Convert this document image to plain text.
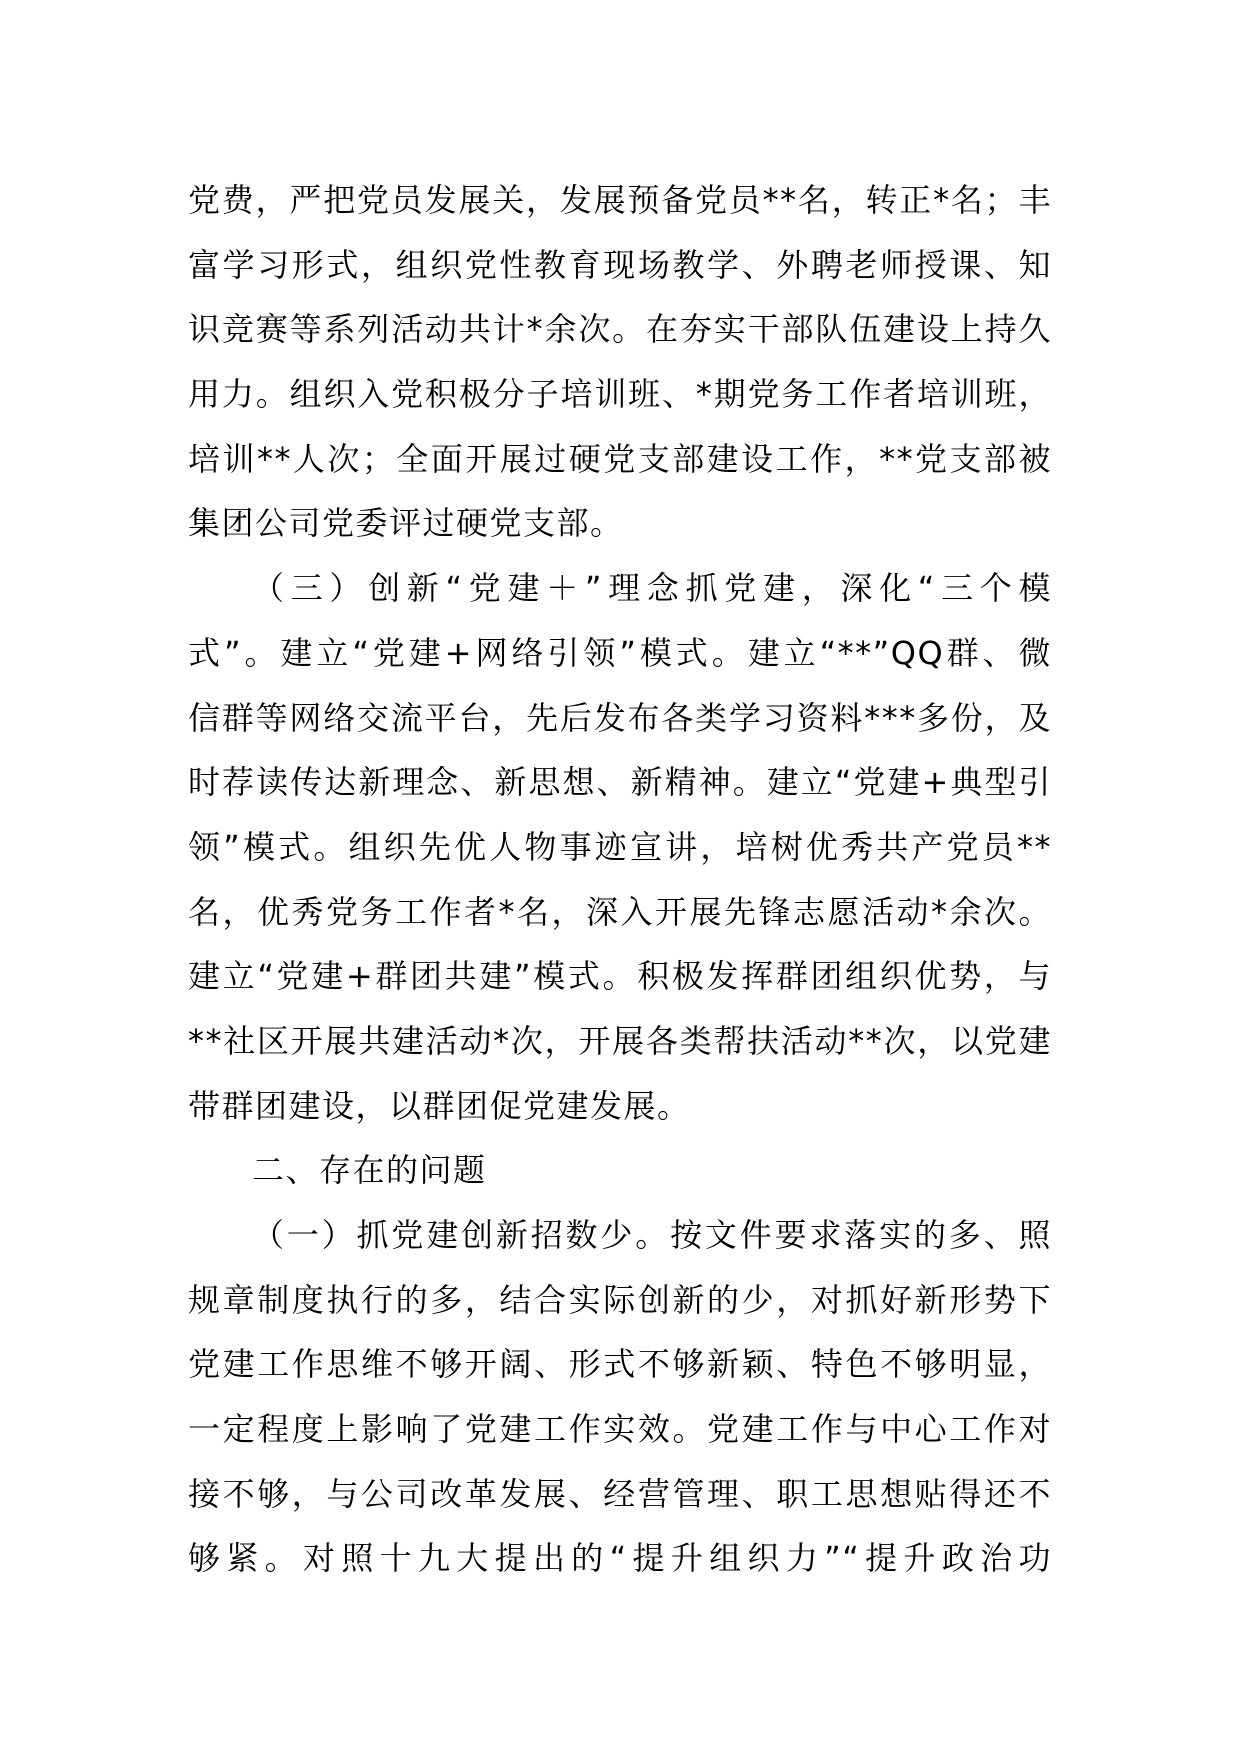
党费，严把党员发展关，发展预备党员**名，转正*名；丰
富学习形式，组织党性教育现场教学、外聘老师授课、知
识竞赛等系列活动共计*余次。在夯实干部队伍建设上持久
用力。组织入党积极分子培训班、*期党务工作者培训班，
培训**人次；全面开展过硬党支部建设工作，**党支部被
集团公司党委评过硬党支部。
（三）创新“党建＋”理念抓党建，深化“三个模
式”。建立“党建+网络引领”模式。建立“**”QQ群、微
信群等网络交流平台，先后发布各类学习资料***多份，及
时荐读传达新理念、新思想、新精神。建立“党建+典型引
领”模式。组织先优人物事迹宣讲，培树优秀共产党员**
名，优秀党务工作者*名，深入开展先锋志愿活动*余次。
建立“党建+群团共建”模式。积极发挥群团组织优势，与
**社区开展共建活动*次，开展各类帮扶活动**次，以党建
带群团建设，以群团促党建发展。
二、存在的问题
（一）抓党建创新招数少。按文件要求落实的多、照
规章制度执行的多，结合实际创新的少，对抓好新形势下
党建工作思维不够开阔、形式不够新颖、特色不够明显，
一定程度上影响了党建工作实效。党建工作与中心工作对
接不够，与公司改革发展、经营管理、职工思想贴得还不
够紧。对照十九大提出的“提升组织力”“提升政治功
